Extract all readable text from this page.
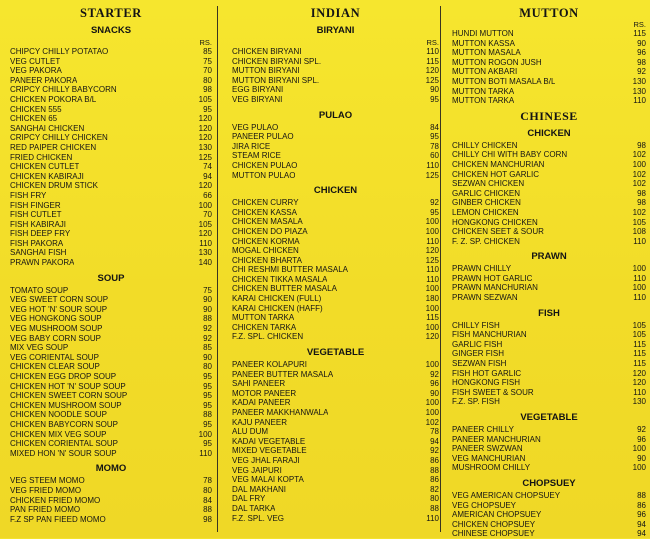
STARTER
SNACKS
RS.
CHIPCY CHILLY POTATAO	85
VEG CUTLET	75
VEG PAKORA	70
PANEER PAKORA	80
CRIPCY CHILLY BABYCORN	98
CHICKEN POKORA B/L	105
CHICKEN 555	95
CHICKEN 65	120
SANGHAI CHICKEN	120
CRIPCY CHILLY CHICKEN	120
RED PAIPER CHICKEN	130
FRIED CHICKEN	125
CHICKEN CUTLET	74
CHICKEN KABIRAJI	94
CHICKEN DRUM STICK	120
FISH FRY	66
FISH FINGER	100
FISH CUTLET	70
FISH KABIRAJI	105
FISH DEEP FRY	120
FISH PAKORA	110
SANGHAI FISH	130
PRAWN PAKORA	140
SOUP
TOMATO SOUP	75
VEG SWEET CORN SOUP	90
VEG HOT 'N' SOUR SOUP	90
VEG HONGKONG SOUP	88
VEG MUSHROOM SOUP	92
VEG BABY CORN SOUP	92
MIX VEG SOUP	85
VEG CORIENTAL SOUP	90
CHICKEN CLEAR SOUP	80
CHICKEN EGG DROP SOUP	95
CHICKEN HOT 'N' SOUP SOUP	95
CHICKEN SWEET CORN SOUP	95
CHICKEN MUSHROOM SOUP	95
CHICKEN NOODLE SOUP	88
CHICKEN BABYCORN SOUP	95
CHICKEN MIX VEG SOUP	100
CHICKEN CORIENTAL SOUP	95
MIXED HON 'N' SOUR SOUP	110
MOMO
VEG STEEM MOMO	78
VEG FRIED MOMO	80
CHICKEN FRIED MOMO	84
PAN FRIED MOMO	88
F.Z SP PAN FIEED MOMO	98
INDIAN
BIRYANI
RS.
CHICKEN BIRYANI	110
CHICKEN BIRYANI SPL.	115
MUTTON BIRYANI	120
MUTTON BIRYANI SPL.	125
EGG BIRYANI	90
VEG BIRYANI	95
PULAO
VEG PULAO	84
PANEER PULAO	95
JIRA RICE	78
STEAM RICE	60
CHICKEN PULAO	110
MUTTON PULAO	125
CHICKEN
CHICKEN CURRY	92
CHICKEN KASSA	95
CHICKEN MASALA	100
CHICKEN DO PIAZA	100
CHICKEN KORMA	110
MOGAL CHICKEN	120
CHICKEN BHARTA	125
CHI RESHMI BUTTER MASALA	110
CHICKEN TIKKA MASALA	110
CHICKEN BUTTER MASALA	100
KARAI CHICKEN (FULL)	180
KARAI CHICKEN (HAFF)	100
MUTTON TARKA	115
CHICKEN TARKA	100
F.Z. SPL. CHICKEN	120
VEGETABLE
PANEER KOLAPURI	100
PANEER BUTTER MASALA	92
SAHI PANEER	96
MOTOR PANEER	90
KADAI PANEER	100
PANEER MAKKHANWALA	100
KAJU PANEER	102
ALU DUM	78
KADAI VEGETABLE	94
MIXED VEGETABLE	92
VEG JHAL FARAJI	86
VEG JAIPURI	88
VEG MALAI KOPTA	86
DAL MAKHANI	82
DAL FRY	80
DAL TARKA	88
F.Z. SPL. VEG	110
MUTTON
RS.
HUNDI MUTTON	115
MUTTON KASSA	90
MUTTON MASALA	96
MUTTON ROGON JUSH	98
MUTTON AKBARI	92
MUTTON BOTI MASALA B/L	130
MUTTON TARKA	130
MUTTON TARKA	110
CHINESE
CHICKEN
CHILLY CHICKEN	98
CHILLY CHI WITH BABY CORN	102
CHICKEN MANCHURIAN	100
CHICKEN HOT GARLIC	102
SEZWAN CHICKEN	102
GARLIC CHICKEN	98
GINBER CHICKEN	98
LEMON CHICKEN	102
HONGKONG CHICKEN	105
CHICKEN SEET & SOUR	108
F. Z. SP. CHICKEN	110
PRAWN
PRAWN CHILLY	100
PRAWN HOT GARLIC	110
PRAWN MANCHURIAN	100
PRAWN SEZWAN	110
FISH
CHILLY FISH	105
FISH MANCHURIAN	105
GARLIC FISH	115
GINGER FISH	115
SEZWAN FISH	115
FISH HOT GARLIC	120
HONGKONG FISH	120
FISH SWEET & SOUR	110
F.Z. SP. FISH	130
VEGETABLE
PANEER CHILLY	92
PANEER MANCHURIAN	96
PANEER SWZWAN	100
VEG MANCHURIAN	90
MUSHROOM CHILLY	100
CHOPSUEY
VEG AMERICAN CHOPSUEY	88
VEG CHOPSUEY	86
AMERICAN CHOPSUEY	96
CHICKEN CHOPSUEY	94
CHINESE CHOPSUEY	94
